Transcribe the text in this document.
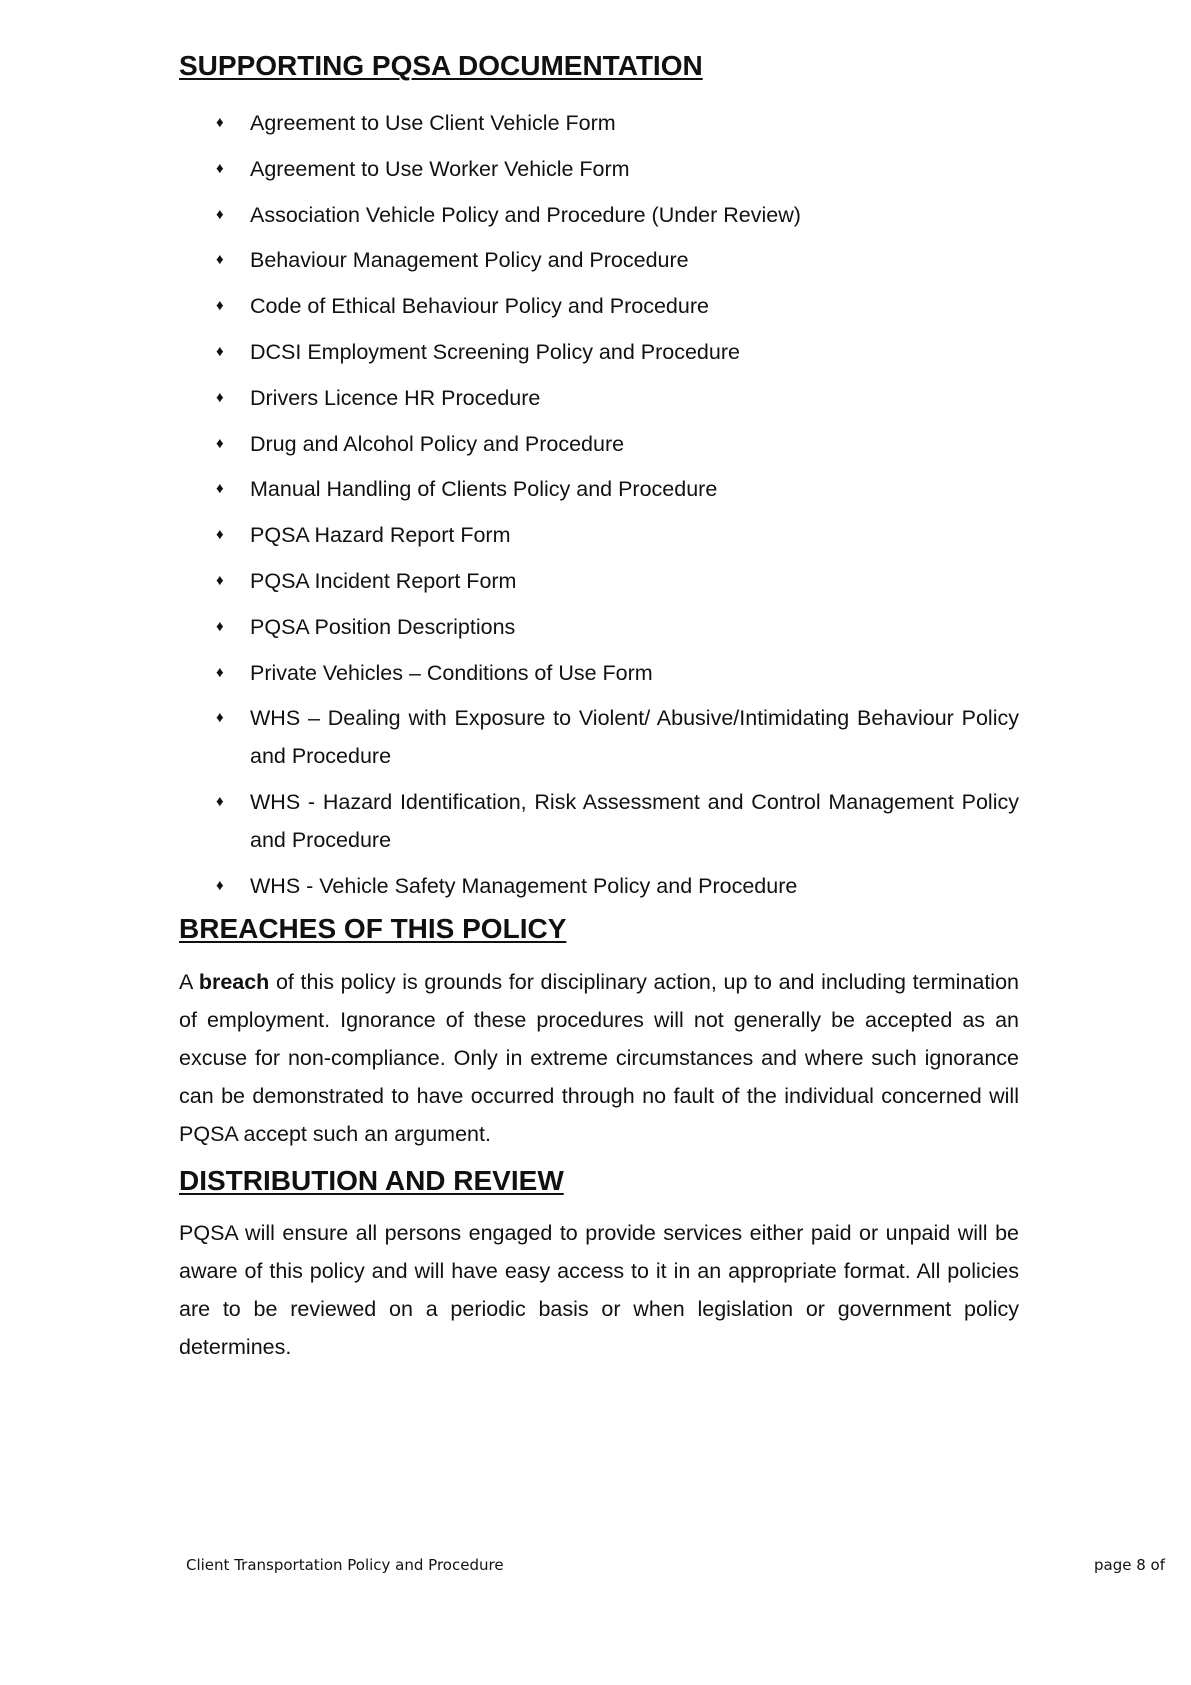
SUPPORTING PQSA DOCUMENTATION
♦ Agreement to Use Client Vehicle Form
♦ Agreement to Use Worker Vehicle Form
♦ Association Vehicle Policy and Procedure (Under Review)
♦ Behaviour Management Policy and Procedure
♦ Code of Ethical Behaviour Policy and Procedure
♦ DCSI Employment Screening Policy and Procedure
♦ Drivers Licence HR Procedure
♦ Drug and Alcohol Policy and Procedure
♦ Manual Handling of Clients Policy and Procedure
♦ PQSA Hazard Report Form
♦ PQSA Incident Report Form
♦ PQSA Position Descriptions
♦ Private Vehicles – Conditions of Use Form
♦ WHS – Dealing with Exposure to Violent/ Abusive/Intimidating Behaviour Policy and Procedure
♦ WHS - Hazard Identification, Risk Assessment and Control Management Policy and Procedure
♦ WHS - Vehicle Safety Management Policy and Procedure
BREACHES OF THIS POLICY

A breach of this policy is grounds for disciplinary action, up to and including termination of employment. Ignorance of these procedures will not generally be accepted as an excuse for non-compliance. Only in extreme circumstances and where such ignorance can be demonstrated to have occurred through no fault of the individual concerned will PQSA accept such an argument.

DISTRIBUTION AND REVIEW

PQSA will ensure all persons engaged to provide services either paid or unpaid will be aware of this policy and will have easy access to it in an appropriate format. All policies are to be reviewed on a periodic basis or when legislation or government policy determines.

Client Transportation Policy and Procedure	page 8 of
